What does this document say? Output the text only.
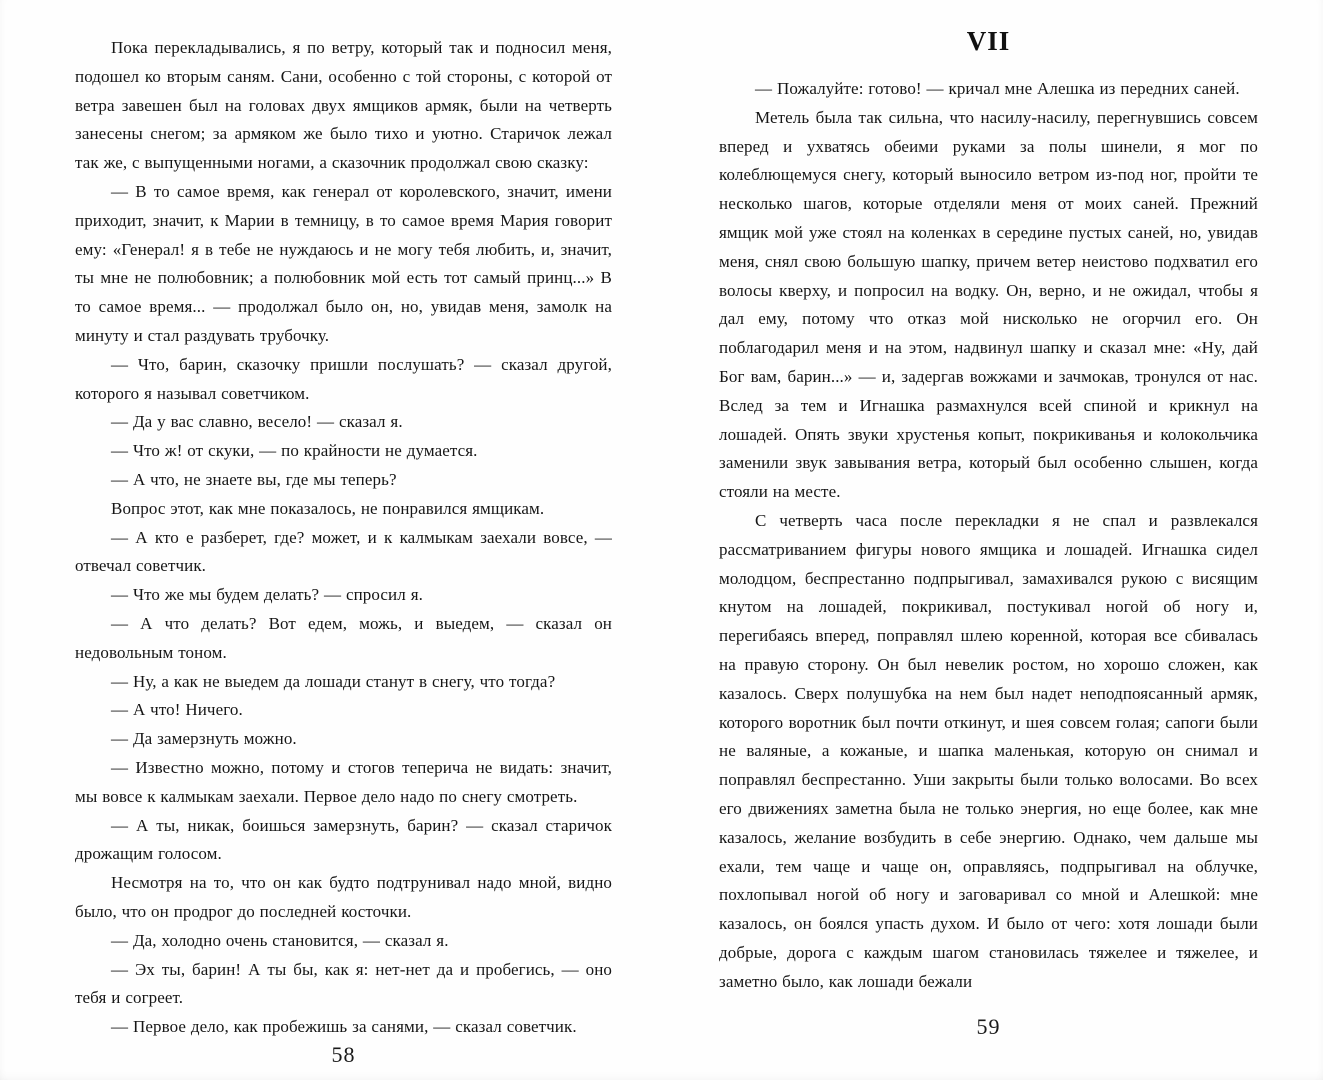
Пока перекладывались, я по ветру, который так и подносил меня, подошел ко вторым саням. Сани, особенно с той стороны, с которой от ветра завешен был на головах двух ямщиков армяк, были на четверть занесены снегом; за армяком же было тихо и уютно. Старичок лежал так же, с выпущенными ногами, а сказочник продолжал свою сказку:

— В то самое время, как генерал от королевского, значит, имени приходит, значит, к Марии в темницу, в то самое время Мария говорит ему: «Генерал! я в тебе не нуждаюсь и не могу тебя любить, и, значит, ты мне не полюбовник; а полюбовник мой есть тот самый принц...» В то самое время... — продолжал было он, но, увидав меня, замолк на минуту и стал раздувать трубочку.

— Что, барин, сказочку пришли послушать? — сказал другой, которого я называл советчиком.

— Да у вас славно, весело! — сказал я.

— Что ж! от скуки, — по крайности не думается.

— А что, не знаете вы, где мы теперь?

Вопрос этот, как мне показалось, не понравился ямщикам.

— А кто е разберет, где? может, и к калмыкам заехали вовсе, — отвечал советчик.

— Что же мы будем делать? — спросил я.

— А что делать? Вот едем, можь, и выедем, — сказал он недовольным тоном.

— Ну, а как не выедем да лошади станут в снегу, что тогда?

— А что! Ничего.

— Да замерзнуть можно.

— Известно можно, потому и стогов теперича не видать: значит, мы вовсе к калмыкам заехали. Первое дело надо по снегу смотреть.

— А ты, никак, боишься замерзнуть, барин? — сказал старичок дрожащим голосом.

Несмотря на то, что он как будто подтрунивал надо мной, видно было, что он продрог до последней косточки.

— Да, холодно очень становится, — сказал я.

— Эх ты, барин! А ты бы, как я: нет-нет да и пробегись, — оно тебя и согреет.

— Первое дело, как пробежишь за санями, — сказал советчик.

58
VII

— Пожалуйте: готово! — кричал мне Алешка из передних саней.

Метель была так сильна, что насилу-насилу, перегнувшись совсем вперед и ухватясь обеими руками за полы шинели, я мог по колеблющемуся снегу, который выносило ветром из-под ног, пройти те несколько шагов, которые отделяли меня от моих саней. Прежний ямщик мой уже стоял на коленках в середине пустых саней, но, увидав меня, снял свою большую шапку, причем ветер неистово подхватил его волосы кверху, и попросил на водку. Он, верно, и не ожидал, чтобы я дал ему, потому что отказ мой нисколько не огорчил его. Он поблагодарил меня и на этом, надвинул шапку и сказал мне: «Ну, дай Бог вам, барин...» — и, задергав вожжами и зачмокав, тронулся от нас. Вслед за тем и Игнашка размахнулся всей спиной и крикнул на лошадей. Опять звуки хрустенья копыт, покрикиванья и колокольчика заменили звук завывания ветра, который был особенно слышен, когда стояли на месте.

С четверть часа после перекладки я не спал и развлекался рассматриванием фигуры нового ямщика и лошадей. Игнашка сидел молодцом, беспрестанно подпрыгивал, замахивался рукою с висящим кнутом на лошадей, покрикивал, постукивал ногой об ногу и, перегибаясь вперед, поправлял шлею коренной, которая все сбивалась на правую сторону. Он был невелик ростом, но хорошо сложен, как казалось. Сверх полушубка на нем был надет неподпоясанный армяк, которого воротник был почти откинут, и шея совсем голая; сапоги были не валяные, а кожаные, и шапка маленькая, которую он снимал и поправлял беспрестанно. Уши закрыты были только волосами. Во всех его движениях заметна была не только энергия, но еще более, как мне казалось, желание возбудить в себе энергию. Однако, чем дальше мы ехали, тем чаще и чаще он, оправляясь, подпрыгивал на облучке, похлопывал ногой об ногу и заговаривал со мной и Алешкой: мне казалось, он боялся упасть духом. И было от чего: хотя лошади были добрые, дорога с каждым шагом становилась тяжелее и тяжелее, и заметно было, как лошади бежали

59
